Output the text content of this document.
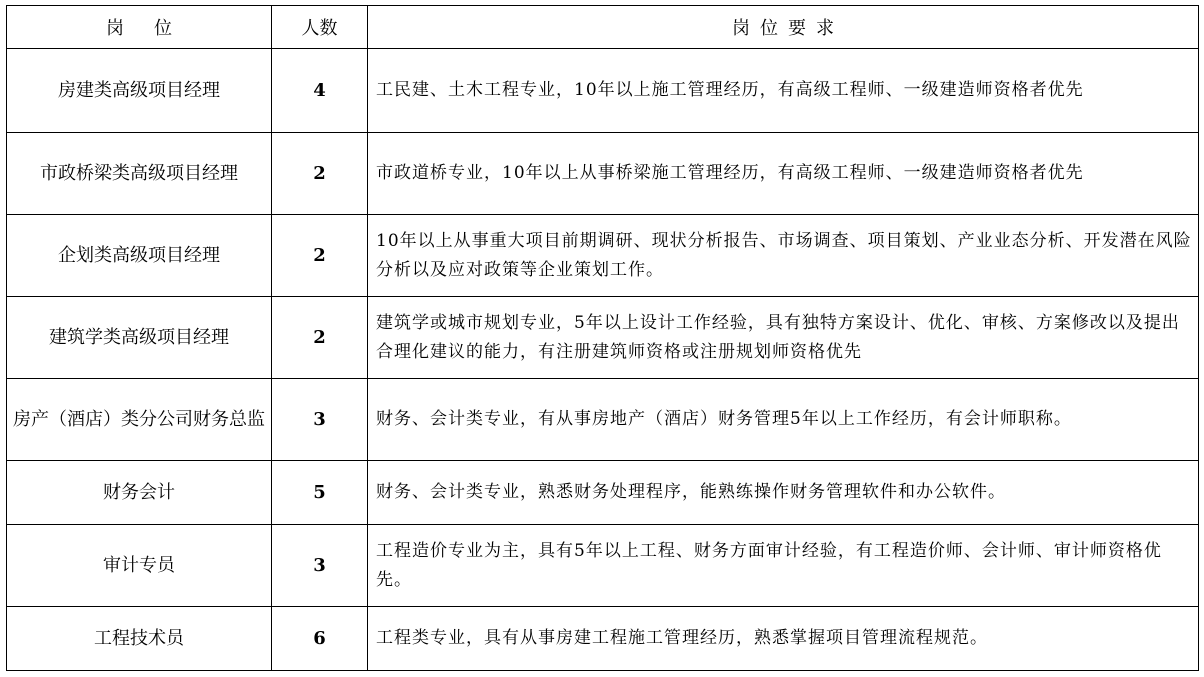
岗位	人数	岗位要求
房建类高级项目经理	4	工民建、土木工程专业，10年以上施工管理经历，有高级工程师、一级建造师资格者优先
市政桥梁类高级项目经理	2	市政道桥专业，10年以上从事桥梁施工管理经历，有高级工程师、一级建造师资格者优先
企划类高级项目经理	2	10年以上从事重大项目前期调研、现状分析报告、市场调查、项目策划、产业业态分析、开发潜在风险分析以及应对政策等企业策划工作。
建筑学类高级项目经理	2	建筑学或城市规划专业，5年以上设计工作经验，具有独特方案设计、优化、审核、方案修改以及提出合理化建议的能力，有注册建筑师资格或注册规划师资格优先
房产（酒店）类分公司财务总监	3	财务、会计类专业，有从事房地产（酒店）财务管理5年以上工作经历，有会计师职称。
财务会计	5	财务、会计类专业，熟悉财务处理程序，能熟练操作财务管理软件和办公软件。
审计专员	3	工程造价专业为主，具有5年以上工程、财务方面审计经验，有工程造价师、会计师、审计师资格优先。
工程技术员	6	工程类专业，具有从事房建工程施工管理经历，熟悉掌握项目管理流程规范。
